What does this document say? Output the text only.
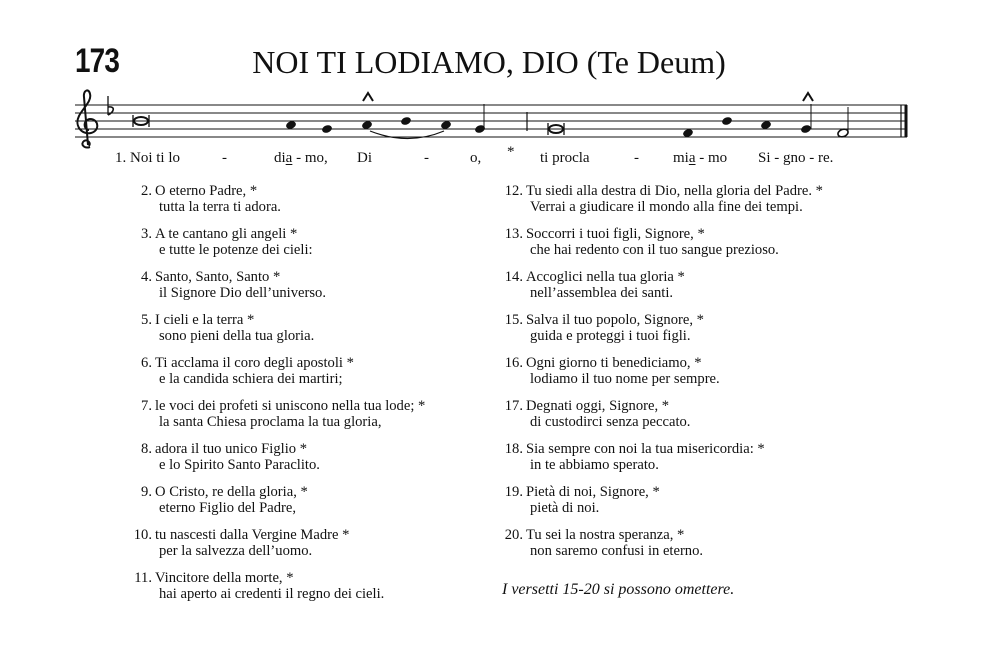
173	NOI TI LODIAMO, DIO (Te Deum)
1. Noi ti lo	-	dia - mo, Di	-	o, * ti procla	- mia - mo Si - gno - re.
2. O eterno Padre, *
tutta la terra ti adora.
3. A te cantano gli angeli *
e tutte le potenze dei cieli:
4. Santo, Santo, Santo *
il Signore Dio dell’universo.
5. I cieli e la terra *
sono pieni della tua gloria.
6. Ti acclama il coro degli apostoli *
e la candida schiera dei martiri;
7. le voci dei profeti si uniscono nella tua lode; *
la santa Chiesa proclama la tua gloria,
8. adora il tuo unico Figlio *
e lo Spirito Santo Paraclito.
9. O Cristo, re della gloria, *
eterno Figlio del Padre,
10. tu nascesti dalla Vergine Madre *
per la salvezza dell’uomo.
11. Vincitore della morte, *
hai aperto ai credenti il regno dei cieli.
12. Tu siedi alla destra di Dio, nella gloria del Padre. *
Verrai a giudicare il mondo alla fine dei tempi.
13. Soccorri i tuoi figli, Signore, *
che hai redento con il tuo sangue prezioso.
14. Accoglici nella tua gloria *
nell’assemblea dei santi.
15. Salva il tuo popolo, Signore, *
guida e proteggi i tuoi figli.
16. Ogni giorno ti benediciamo, *
lodiamo il tuo nome per sempre.
17. Degnati oggi, Signore, *
di custodirci senza peccato.
18. Sia sempre con noi la tua misericordia: *
in te abbiamo sperato.
19. Pietà di noi, Signore, *
pietà di noi.
20. Tu sei la nostra speranza, *
non saremo confusi in eterno.
I versetti 15-20 si possono omettere.
